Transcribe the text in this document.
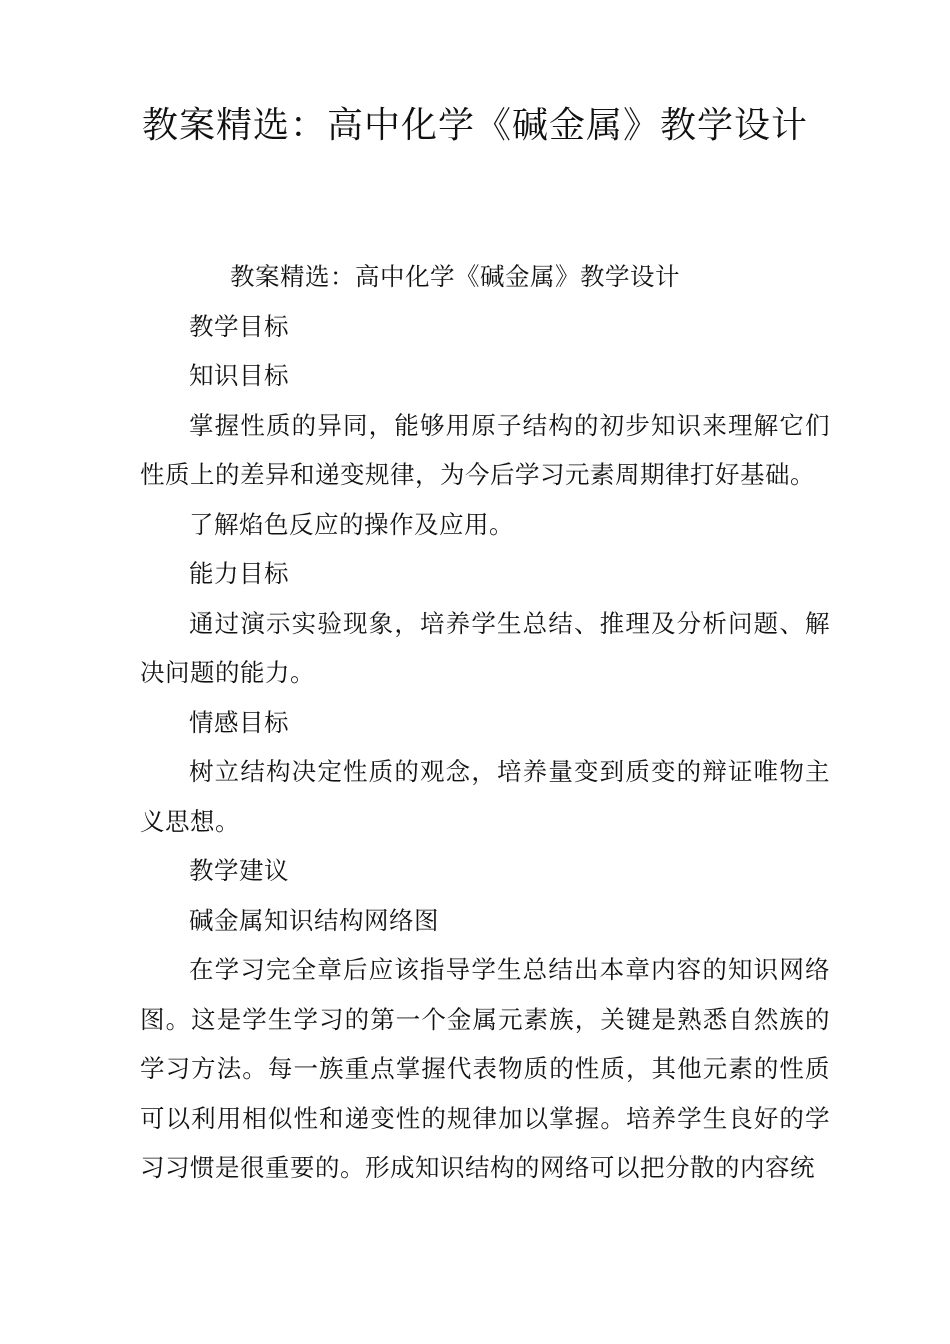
教案精选：高中化学《碱金属》教学设计

教案精选：高中化学《碱金属》教学设计

教学目标

知识目标

掌握性质的异同，能够用原子结构的初步知识来理解它们性质上的差异和递变规律，为今后学习元素周期律打好基础。

了解焰色反应的操作及应用。

能力目标

通过演示实验现象，培养学生总结、推理及分析问题、解决问题的能力。

情感目标

树立结构决定性质的观念，培养量变到质变的辩证唯物主义思想。

教学建议

碱金属知识结构网络图

在学习完全章后应该指导学生总结出本章内容的知识网络图。这是学生学习的第一个金属元素族，关键是熟悉自然族的学习方法。每一族重点掌握代表物质的性质，其他元素的性质可以利用相似性和递变性的规律加以掌握。培养学生良好的学习习惯是很重要的。形成知识结构的网络可以把分散的内容统
